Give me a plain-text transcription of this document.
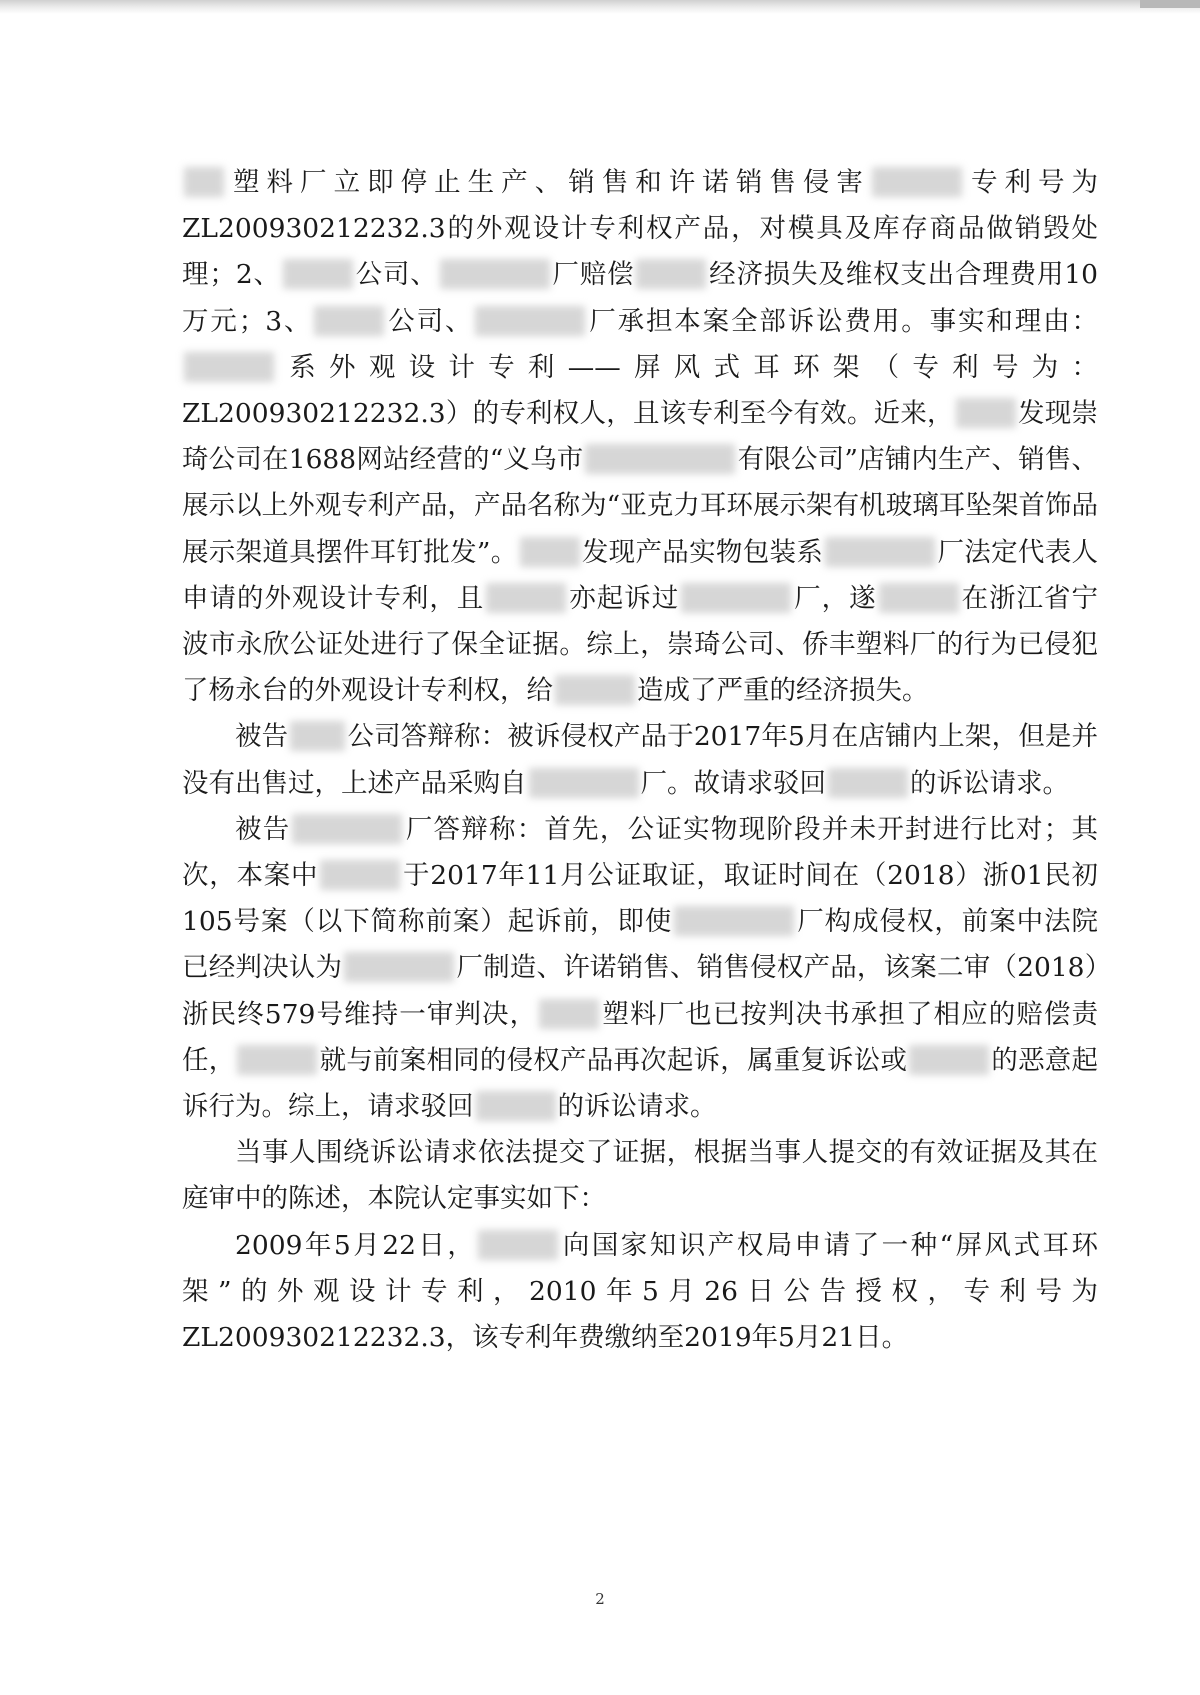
塑料厂立即停止生产、销售和许诺销售侵害	专利号为ZL200930212232.3的外观设计专利权产品，对模具及库存商品做销毁处理；2、	公司、	厂赔偿	经济损失及维权支出合理费用10万元；3、	公司、	厂承担本案全部诉讼费用。事实和理由：系外观设计专利——屏风式耳环架（专利号为：ZL200930212232.3）的专利权人，且该专利至今有效。近来， 发现崇琦公司在1688网站经营的“义乌市	有限公司”店铺内生产、销售、展示以上外观专利产品，产品名称为“亚克力耳环展示架有机玻璃耳坠架首饰品展示架道具摆件耳钉批发”。 发现产品实物包装系	厂法定代表人申请的外观设计专利，且	亦起诉过	厂，遂	在浙江省宁波市永欣公证处进行了保全证据。综上，崇琦公司、侨丰塑料厂的行为已侵犯了杨永台的外观设计专利权，给	造成了严重的经济损失。

被告 公司答辩称：被诉侵权产品于2017年5月在店铺内上架，但是并没有出售过，上述产品采购自	厂。故请求驳回	的诉讼请求。

被告	厂答辩称：首先，公证实物现阶段并未开封进行比对；其次，本案中	于2017年11月公证取证，取证时间在（2018）浙01民初105号案（以下简称前案）起诉前，即使	厂构成侵权，前案中法院已经判决认为	厂制造、许诺销售、销售侵权产品，该案二审（2018）浙民终579号维持一审判决， 塑料厂也已按判决书承担了相应的赔偿责任，	就与前案相同的侵权产品再次起诉，属重复诉讼或	的恶意起诉行为。综上，请求驳回	的诉讼请求。

当事人围绕诉讼请求依法提交了证据，根据当事人提交的有效证据及其在庭审中的陈述，本院认定事实如下：

2009年5月22日，	向国家知识产权局申请了一种“屏风式耳环架”的外观设计专利，2010年5月26日公告授权，专利号为ZL200930212232.3，该专利年费缴纳至2019年5月21日。

2
